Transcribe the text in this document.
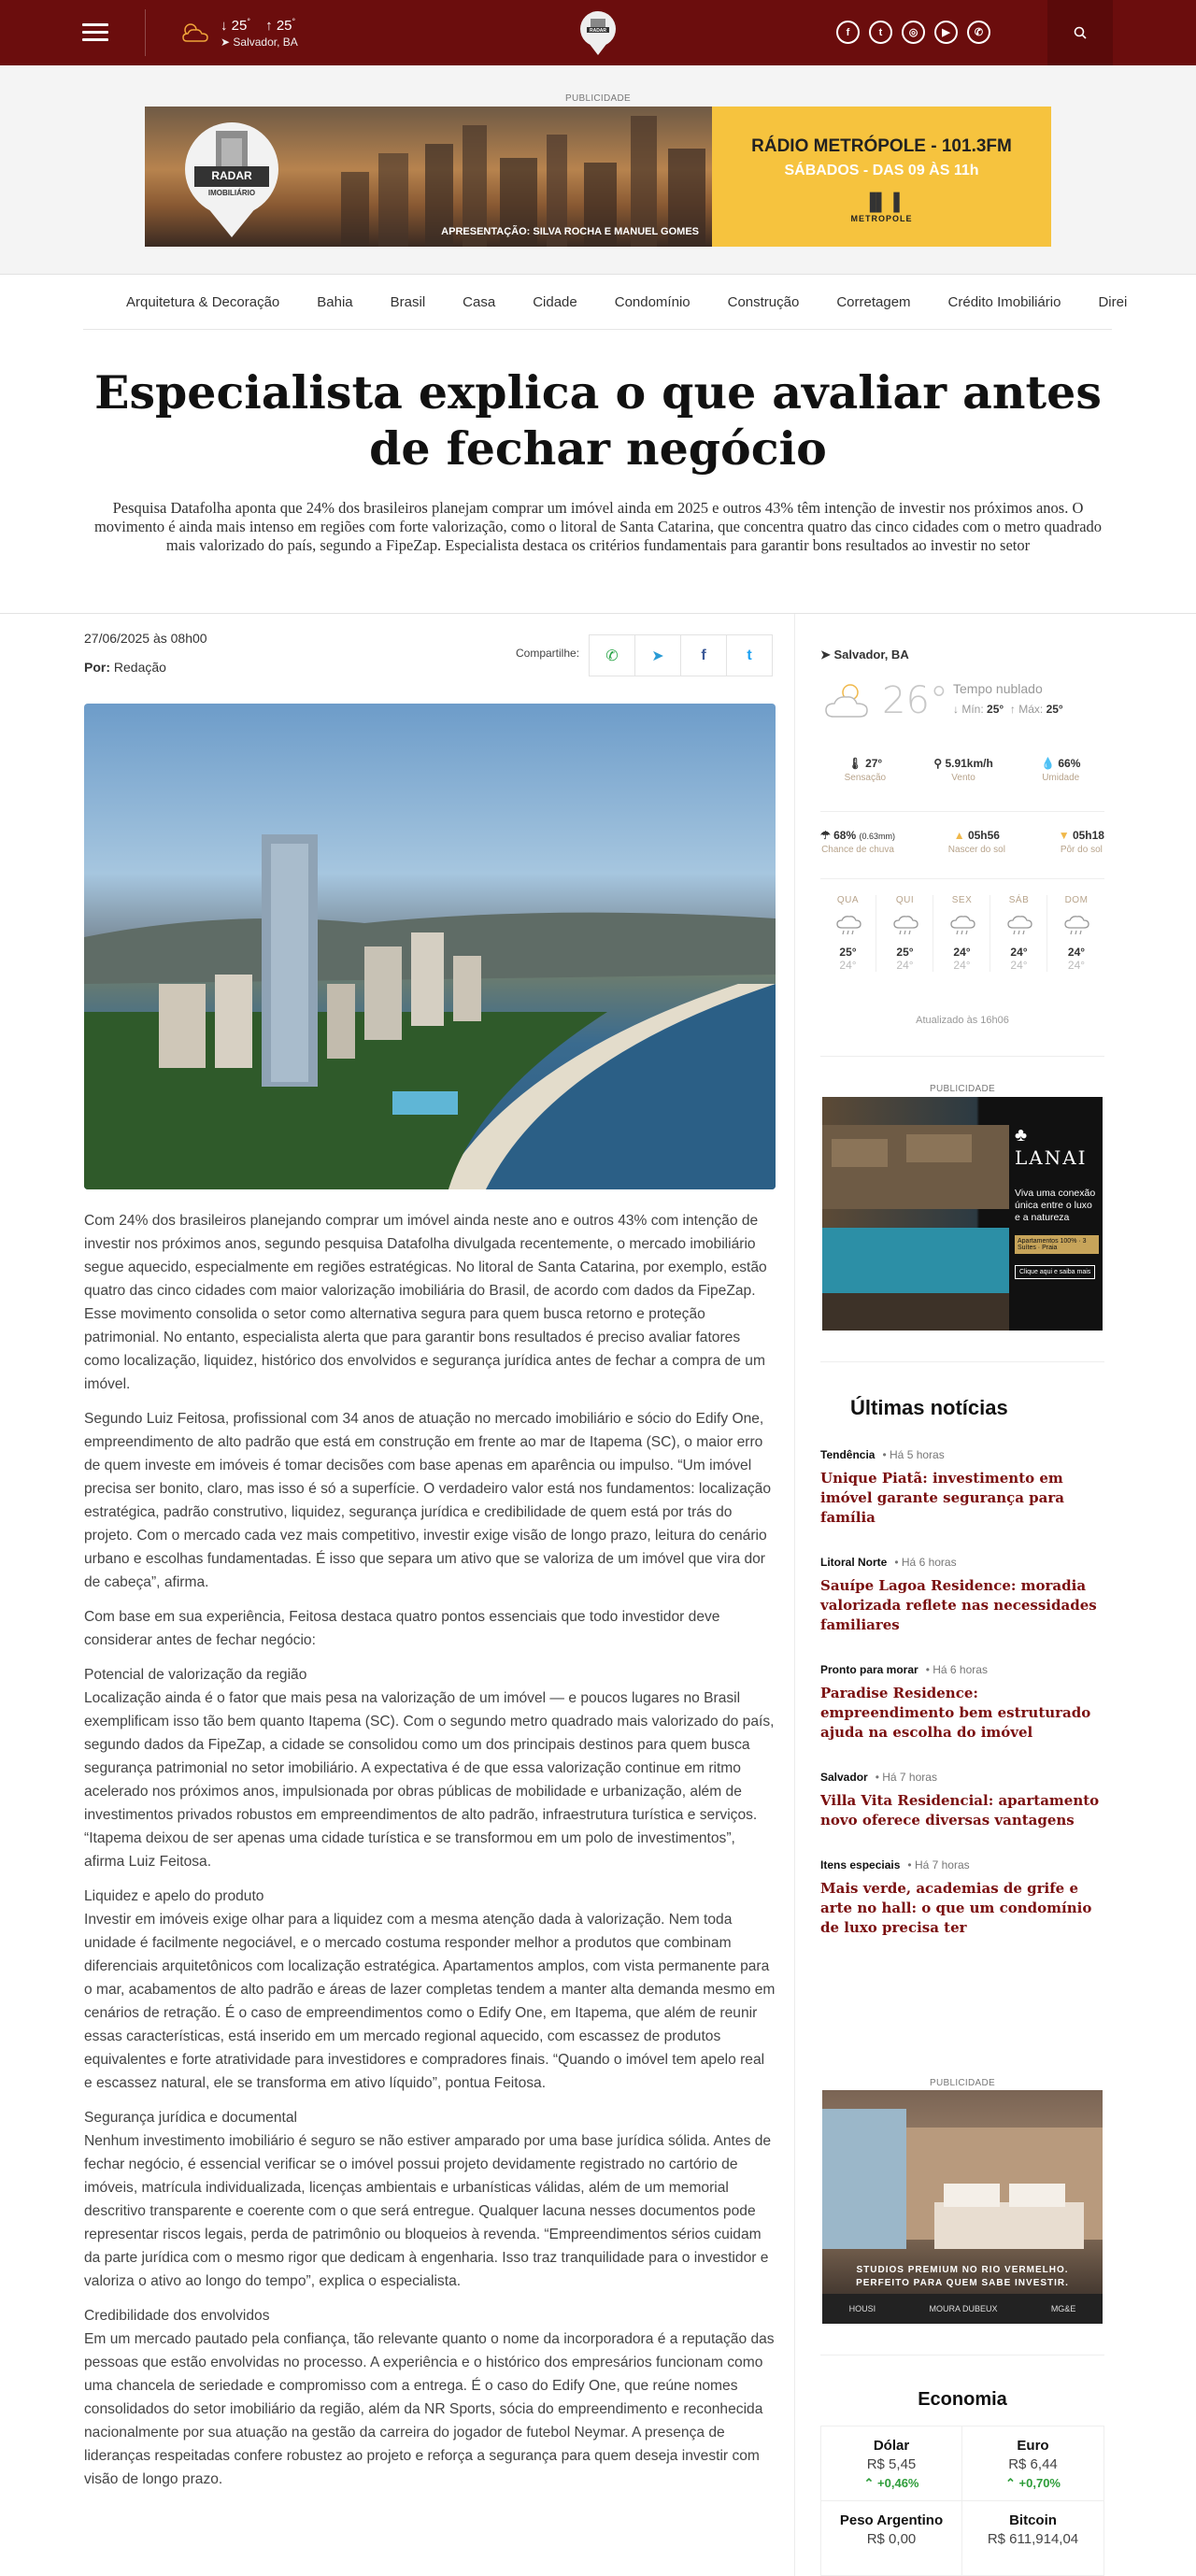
↓ 25° ↑ 25°
➤ Salvador, BA
RADAR	f	t	◎	▶	✆
PUBLICIDADE
RADAR
IMOBILIÁRIO
APRESENTAÇÃO: SILVA ROCHA E MANUEL GOMES
RÁDIO METRÓPOLE - 101.3FM
SÁBADOS - DAS 09 ÀS 11h
▐▌▐
METROPOLE
Arquitetura & Decoração	Bahia	Brasil	Casa	Cidade	Condomínio	Construção	Corretagem	Crédito Imobiliário	Direi
Especialista explica o que avaliar antes de fechar negócio

Pesquisa Datafolha aponta que 24% dos brasileiros planejam comprar um imóvel ainda em 2025 e outros 43% têm intenção de investir nos próximos anos. O movimento é ainda mais intenso em regiões com forte valorização, como o litoral de Santa Catarina, que concentra quatro das cinco cidades com o metro quadrado mais valorizado do país, segundo a FipeZap. Especialista destaca os critérios fundamentais para garantir bons resultados ao investir no setor

27/06/2025 às 08h00
Por: Redação
Compartilhe:	✆	➤	f	t

Com 24% dos brasileiros planejando comprar um imóvel ainda neste ano e outros 43% com intenção de investir nos próximos anos, segundo pesquisa Datafolha divulgada recentemente, o mercado imobiliário segue aquecido, especialmente em regiões estratégicas. No litoral de Santa Catarina, por exemplo, estão quatro das cinco cidades com maior valorização imobiliária do Brasil, de acordo com dados da FipeZap. Esse movimento consolida o setor como alternativa segura para quem busca retorno e proteção patrimonial. No entanto, especialista alerta que para garantir bons resultados é preciso avaliar fatores como localização, liquidez, histórico dos envolvidos e segurança jurídica antes de fechar a compra de um imóvel.

Segundo Luiz Feitosa, profissional com 34 anos de atuação no mercado imobiliário e sócio do Edify One, empreendimento de alto padrão que está em construção em frente ao mar de Itapema (SC), o maior erro de quem investe em imóveis é tomar decisões com base apenas em aparência ou impulso. “Um imóvel precisa ser bonito, claro, mas isso é só a superfície. O verdadeiro valor está nos fundamentos: localização estratégica, padrão construtivo, liquidez, segurança jurídica e credibilidade de quem está por trás do projeto. Com o mercado cada vez mais competitivo, investir exige visão de longo prazo, leitura do cenário urbano e escolhas fundamentadas. É isso que separa um ativo que se valoriza de um imóvel que vira dor de cabeça”, afirma.

Com base em sua experiência, Feitosa destaca quatro pontos essenciais que todo investidor deve considerar antes de fechar negócio:

Potencial de valorização da região
Localização ainda é o fator que mais pesa na valorização de um imóvel — e poucos lugares no Brasil exemplificam isso tão bem quanto Itapema (SC). Com o segundo metro quadrado mais valorizado do país, segundo dados da FipeZap, a cidade se consolidou como um dos principais destinos para quem busca segurança patrimonial no setor imobiliário. A expectativa é de que essa valorização continue em ritmo acelerado nos próximos anos, impulsionada por obras públicas de mobilidade e urbanização, além de investimentos privados robustos em empreendimentos de alto padrão, infraestrutura turística e serviços. “Itapema deixou de ser apenas uma cidade turística e se transformou em um polo de investimentos”, afirma Luiz Feitosa.

Liquidez e apelo do produto
Investir em imóveis exige olhar para a liquidez com a mesma atenção dada à valorização. Nem toda unidade é facilmente negociável, e o mercado costuma responder melhor a produtos que combinam diferenciais arquitetônicos com localização estratégica. Apartamentos amplos, com vista permanente para o mar, acabamentos de alto padrão e áreas de lazer completas tendem a manter alta demanda mesmo em cenários de retração. É o caso de empreendimentos como o Edify One, em Itapema, que além de reunir essas características, está inserido em um mercado regional aquecido, com escassez de produtos equivalentes e forte atratividade para investidores e compradores finais. “Quando o imóvel tem apelo real e escassez natural, ele se transforma em ativo líquido”, pontua Feitosa.

Segurança jurídica e documental
Nenhum investimento imobiliário é seguro se não estiver amparado por uma base jurídica sólida. Antes de fechar negócio, é essencial verificar se o imóvel possui projeto devidamente registrado no cartório de imóveis, matrícula individualizada, licenças ambientais e urbanísticas válidas, além de um memorial descritivo transparente e coerente com o que será entregue. Qualquer lacuna nesses documentos pode representar riscos legais, perda de patrimônio ou bloqueios à revenda. “Empreendimentos sérios cuidam da parte jurídica com o mesmo rigor que dedicam à engenharia. Isso traz tranquilidade para o investidor e valoriza o ativo ao longo do tempo”, explica o especialista.

Credibilidade dos envolvidos
Em um mercado pautado pela confiança, tão relevante quanto o nome da incorporadora é a reputação das pessoas que estão envolvidas no processo. A experiência e o histórico dos empresários funcionam como uma chancela de seriedade e compromisso com a entrega. É o caso do Edify One, que reúne nomes consolidados do setor imobiliário da região, além da NR Sports, sócia do empreendimento e reconhecida nacionalmente por sua atuação na gestão da carreira do jogador de futebol Neymar. A presença de lideranças respeitadas confere robustez ao projeto e reforça a segurança para quem deseja investir com visão de longo prazo.

➤ Salvador, BA
26° Tempo nublado
↓ Mín: 25°  ↑ Máx: 25°
🌡 27°
Sensação
⚲ 5.91km/h
Vento
💧 66%
Umidade
☂ 68% (0.63mm)
Chance de chuva
▲ 05h56
Nascer do sol
▼ 05h18
Pôr do sol
QUA
25°
24°
QUI
25°
24°
SEX
24°
24°
SÁB
24°
24°
DOM
24°
24°
Atualizado às 16h06
PUBLICIDADE
♣
LANAI
Viva uma conexão única entre o luxo e a natureza
Apartamentos 100% · 3 Suítes · Praia
Clique aqui e saiba mais
Últimas notícias
Tendência • Há 5 horas
Unique Piatã: investimento em imóvel garante segurança para família
Litoral Norte • Há 6 horas
Sauípe Lagoa Residence: moradia valorizada reflete nas necessidades familiares
Pronto para morar • Há 6 horas
Paradise Residence: empreendimento bem estruturado ajuda na escolha do imóvel
Salvador • Há 7 horas
Villa Vita Residencial: apartamento novo oferece diversas vantagens
Itens especiais • Há 7 horas
Mais verde, academias de grife e arte no hall: o que um condomínio de luxo precisa ter
PUBLICIDADE
STUDIOS PREMIUM NO RIO VERMELHO.
PERFEITO PARA QUEM SABE INVESTIR.
HOUSI	MOURA DUBEUX	MG&E
Economia
Dólar
R$ 5,45
⌃ +0,46%
Euro
R$ 6,44
⌃ +0,70%
Peso Argentino
R$ 0,00
Bitcoin
R$ 611,914,04
